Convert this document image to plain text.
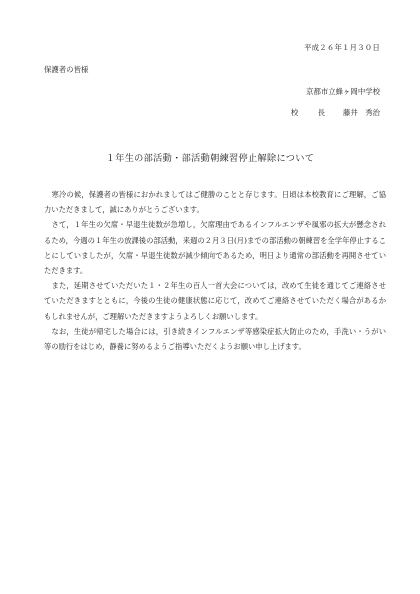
平成２６年１月３０日
保護者の皆様
京都市立蜂ヶ岡中学校
校　長 藤井　秀治
１年生の部活動・部活動朝練習停止解除について

寒冷の候，保護者の皆様におかれましてはご健勝のことと存じます。日頃は本校教育にご理解，ご協力いただきまして，誠にありがとうございます。

さて，１年生の欠席・早退生徒数が急増し，欠席理由であるインフルエンザや風邪の拡大が懸念されるため，今週の１年生の放課後の部活動，来週の２月３日(月)までの部活動の朝練習を全学年停止することにしていましたが，欠席・早退生徒数が減少傾向であるため，明日より通常の部活動を再開させていただきます。

また，延期させていただいた１・２年生の百人一首大会については，改めて生徒を通じてご連絡させていただきますとともに，今後の生徒の健康状態に応じて，改めてご連絡させていただく場合があるかもしれませんが，ご理解いただきますようよろしくお願いします。

なお，生徒が帰宅した場合には，引き続きインフルエンザ等感染症拡大防止のため，手洗い・うがい等の励行をはじめ，静養に努めるようご指導いただくようお願い申し上げます。
